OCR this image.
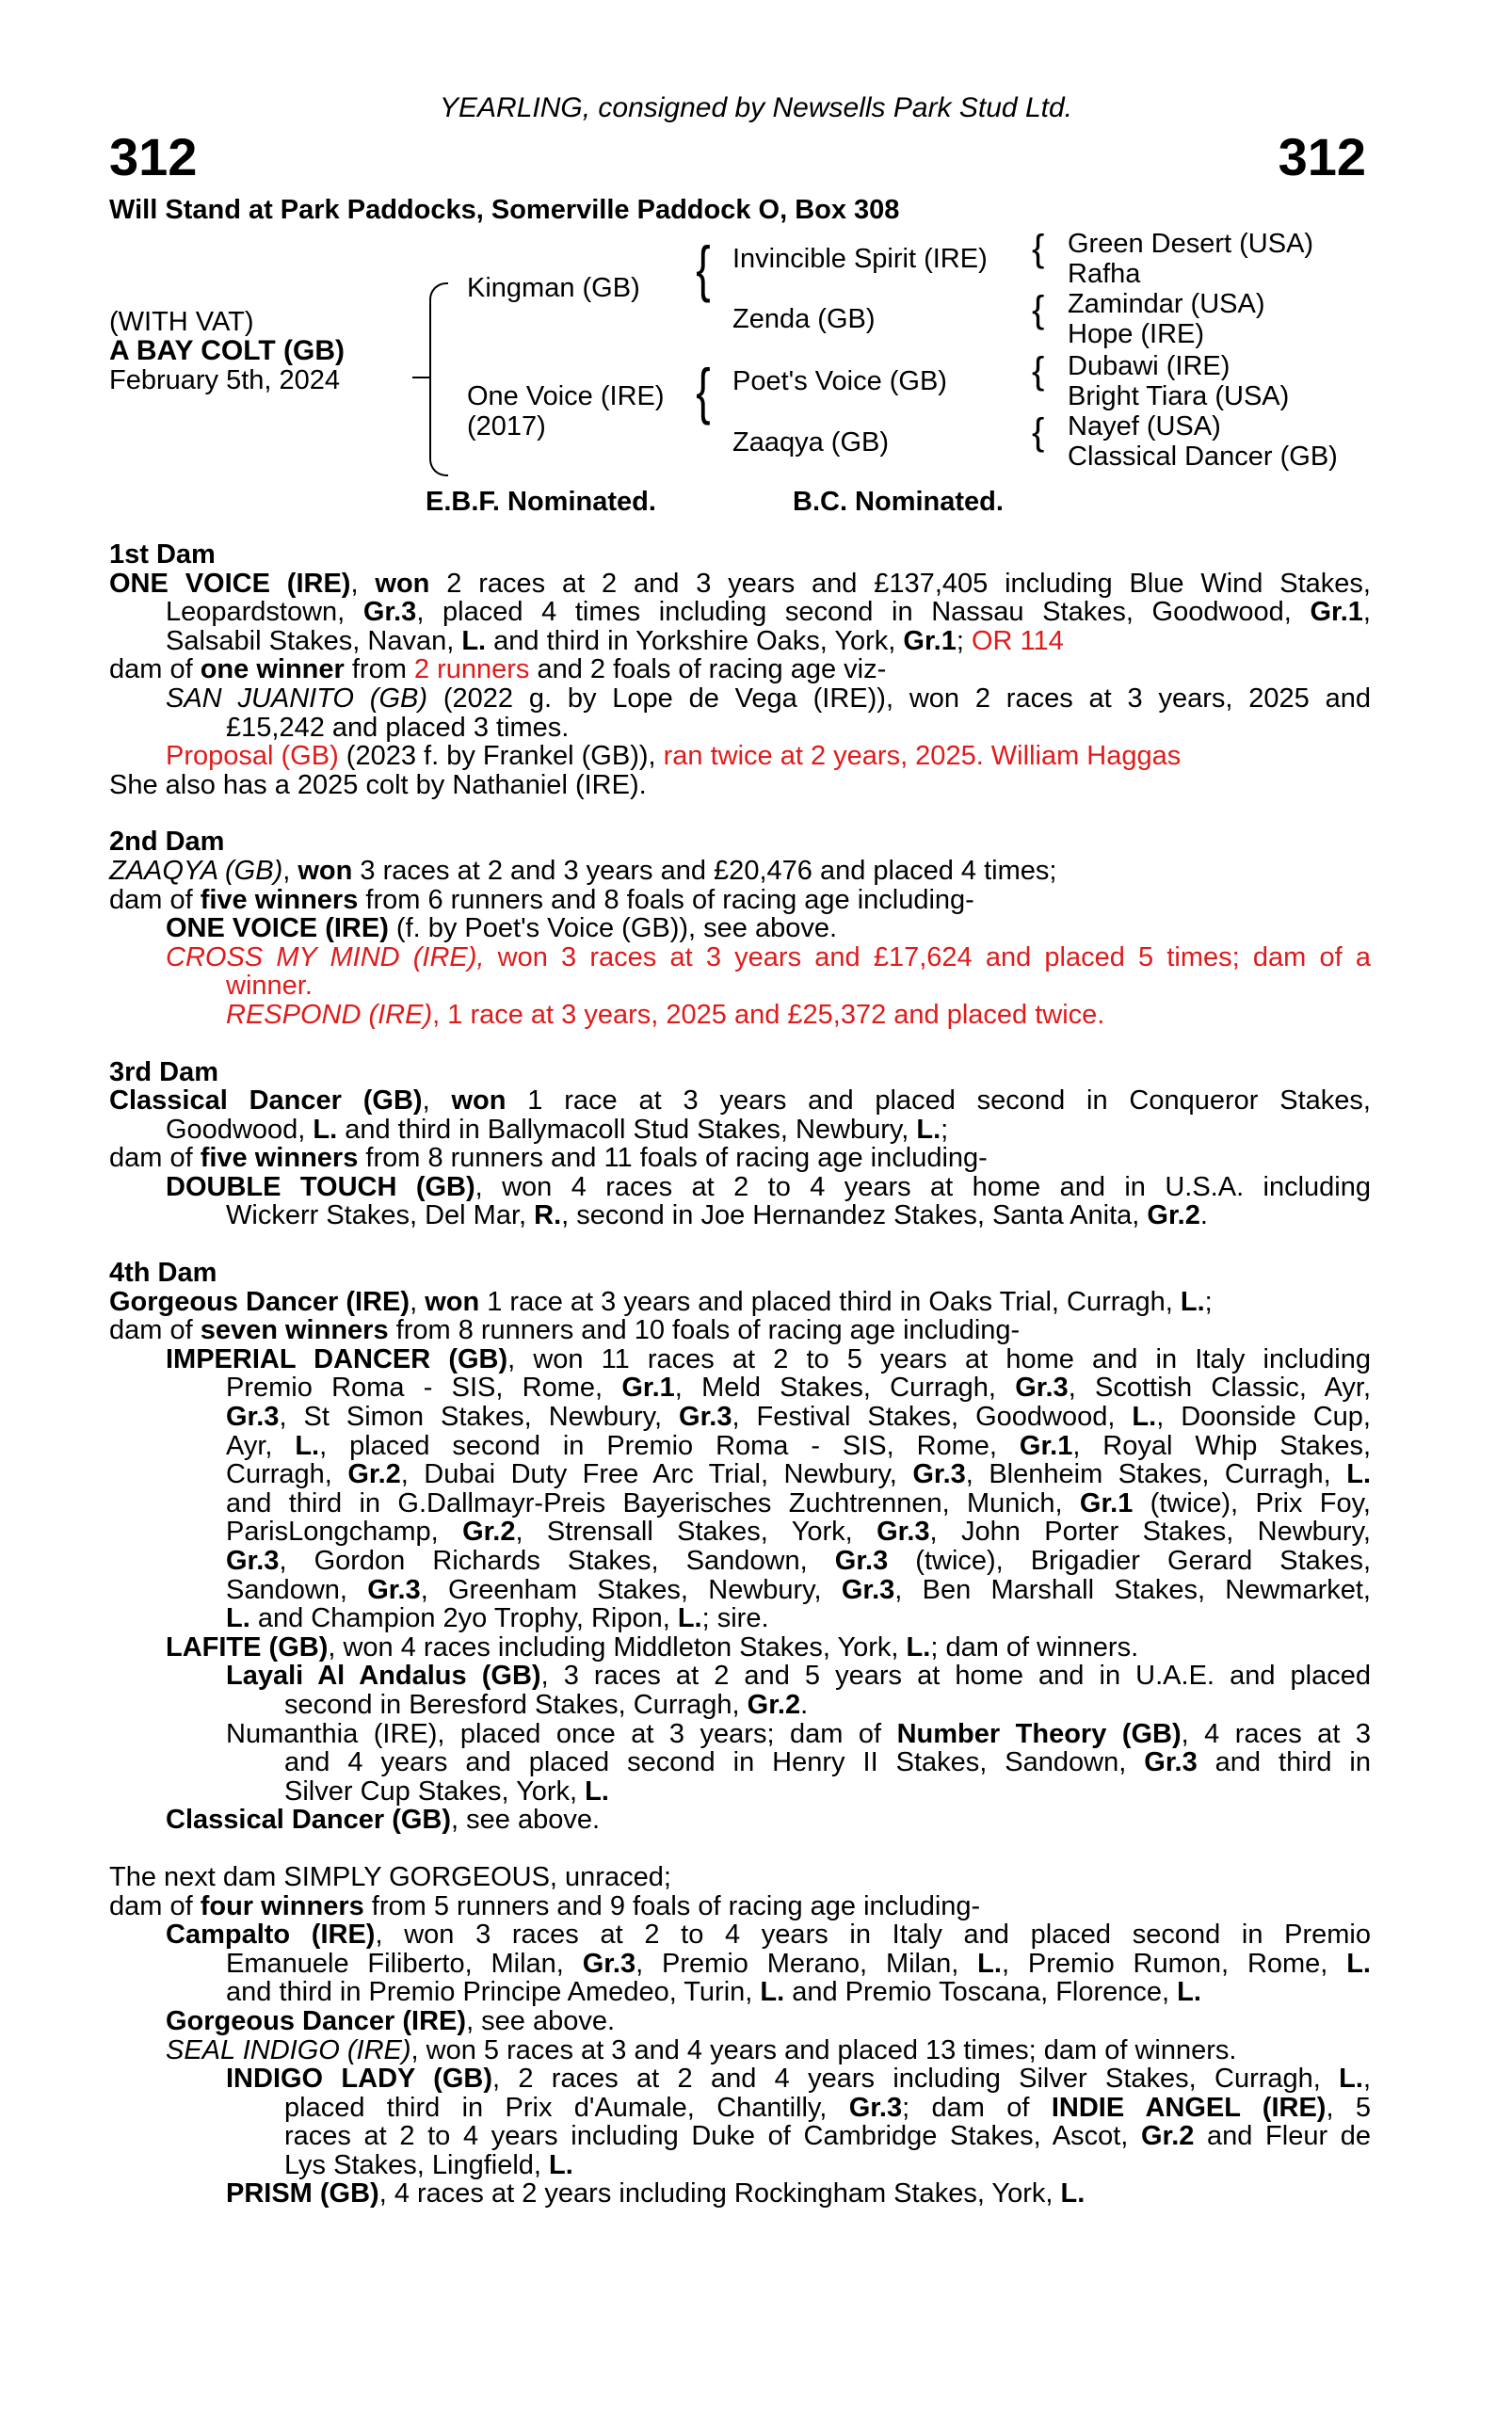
YEARLING, consigned by Newsells Park Stud Ltd.
312	312
Will Stand at Park Paddocks, Somerville Paddock O, Box 308
(WITH VAT)
A BAY COLT (GB)
February 5th, 2024
Kingman (GB)
One Voice (IRE)
(2017)
{ Invincible Spirit (IRE)
Zenda (GB)
{ Poet's Voice (GB)
Zaaqya (GB)
{ Green Desert (USA)
Rafha
{ Zamindar (USA)
Hope (IRE)
{ Dubawi (IRE)
Bright Tiara (USA)
{ Nayef (USA)
Classical Dancer (GB)
E.B.F. Nominated.	B.C. Nominated.
1st Dam
ONE VOICE (IRE), won 2 races at 2 and 3 years and £137,405 including Blue Wind Stakes,
Leopardstown, Gr.3, placed 4 times including second in Nassau Stakes, Goodwood, Gr.1,
Salsabil Stakes, Navan, L. and third in Yorkshire Oaks, York, Gr.1; OR 114
dam of one winner from 2 runners and 2 foals of racing age viz-
SAN JUANITO (GB) (2022 g. by Lope de Vega (IRE)), won 2 races at 3 years, 2025 and
£15,242 and placed 3 times.
Proposal (GB) (2023 f. by Frankel (GB)), ran twice at 2 years, 2025. William Haggas
She also has a 2025 colt by Nathaniel (IRE).
2nd Dam
ZAAQYA (GB), won 3 races at 2 and 3 years and £20,476 and placed 4 times;
dam of five winners from 6 runners and 8 foals of racing age including-
ONE VOICE (IRE) (f. by Poet's Voice (GB)), see above.
CROSS MY MIND (IRE), won 3 races at 3 years and £17,624 and placed 5 times; dam of a
winner.
RESPOND (IRE), 1 race at 3 years, 2025 and £25,372 and placed twice.
3rd Dam
Classical Dancer (GB), won 1 race at 3 years and placed second in Conqueror Stakes,
Goodwood, L. and third in Ballymacoll Stud Stakes, Newbury, L.;
dam of five winners from 8 runners and 11 foals of racing age including-
DOUBLE TOUCH (GB), won 4 races at 2 to 4 years at home and in U.S.A. including
Wickerr Stakes, Del Mar, R., second in Joe Hernandez Stakes, Santa Anita, Gr.2.
4th Dam
Gorgeous Dancer (IRE), won 1 race at 3 years and placed third in Oaks Trial, Curragh, L.;
dam of seven winners from 8 runners and 10 foals of racing age including-
IMPERIAL DANCER (GB), won 11 races at 2 to 5 years at home and in Italy including
Premio Roma - SIS, Rome, Gr.1, Meld Stakes, Curragh, Gr.3, Scottish Classic, Ayr,
Gr.3, St Simon Stakes, Newbury, Gr.3, Festival Stakes, Goodwood, L., Doonside Cup,
Ayr, L., placed second in Premio Roma - SIS, Rome, Gr.1, Royal Whip Stakes,
Curragh, Gr.2, Dubai Duty Free Arc Trial, Newbury, Gr.3, Blenheim Stakes, Curragh, L.
and third in G.Dallmayr-Preis Bayerisches Zuchtrennen, Munich, Gr.1 (twice), Prix Foy,
ParisLongchamp, Gr.2, Strensall Stakes, York, Gr.3, John Porter Stakes, Newbury,
Gr.3, Gordon Richards Stakes, Sandown, Gr.3 (twice), Brigadier Gerard Stakes,
Sandown, Gr.3, Greenham Stakes, Newbury, Gr.3, Ben Marshall Stakes, Newmarket,
L. and Champion 2yo Trophy, Ripon, L.; sire.
LAFITE (GB), won 4 races including Middleton Stakes, York, L.; dam of winners.
Layali Al Andalus (GB), 3 races at 2 and 5 years at home and in U.A.E. and placed
second in Beresford Stakes, Curragh, Gr.2.
Numanthia (IRE), placed once at 3 years; dam of Number Theory (GB), 4 races at 3
and 4 years and placed second in Henry II Stakes, Sandown, Gr.3 and third in
Silver Cup Stakes, York, L.
Classical Dancer (GB), see above.
The next dam SIMPLY GORGEOUS, unraced;
dam of four winners from 5 runners and 9 foals of racing age including-
Campalto (IRE), won 3 races at 2 to 4 years in Italy and placed second in Premio
Emanuele Filiberto, Milan, Gr.3, Premio Merano, Milan, L., Premio Rumon, Rome, L.
and third in Premio Principe Amedeo, Turin, L. and Premio Toscana, Florence, L.
Gorgeous Dancer (IRE), see above.
SEAL INDIGO (IRE), won 5 races at 3 and 4 years and placed 13 times; dam of winners.
INDIGO LADY (GB), 2 races at 2 and 4 years including Silver Stakes, Curragh, L.,
placed third in Prix d'Aumale, Chantilly, Gr.3; dam of INDIE ANGEL (IRE), 5
races at 2 to 4 years including Duke of Cambridge Stakes, Ascot, Gr.2 and Fleur de
Lys Stakes, Lingfield, L.
PRISM (GB), 4 races at 2 years including Rockingham Stakes, York, L.
